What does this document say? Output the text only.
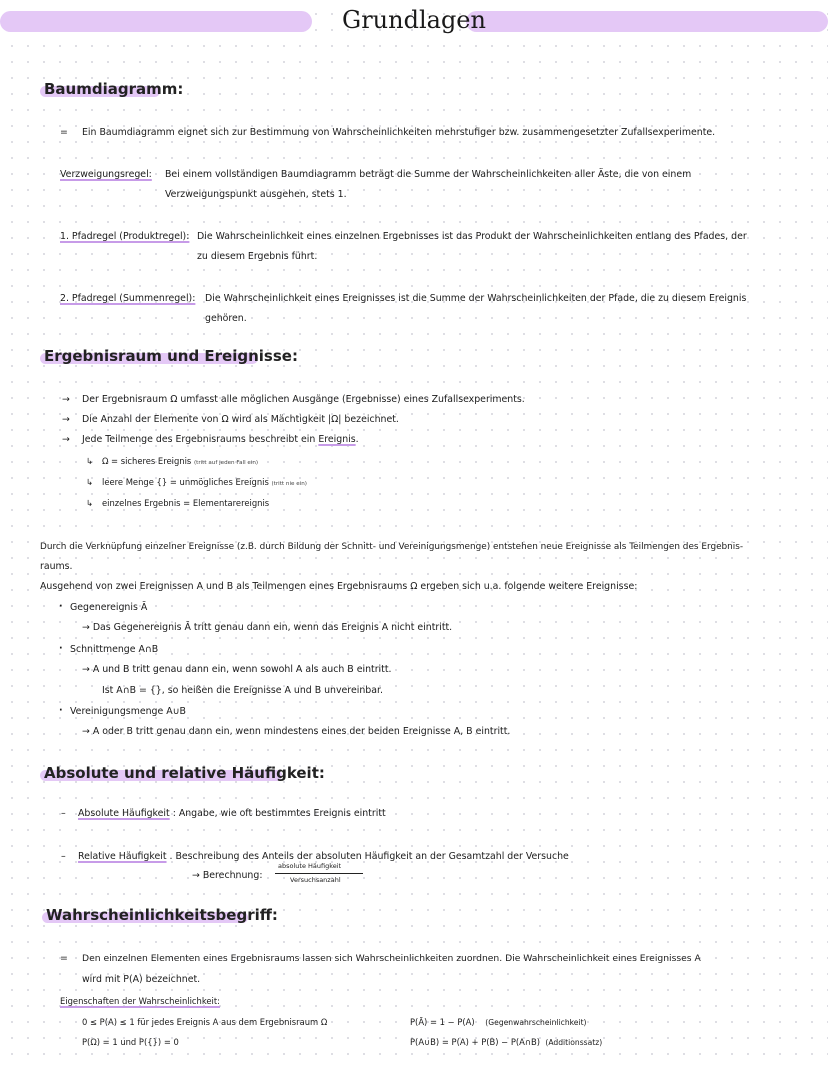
Grundlagen
Baumdiagramm:
= Ein Baumdiagramm eignet sich zur Bestimmung von Wahrscheinlichkeiten mehrstufiger bzw. zusammengesetzter Zufallsexperimente.
Verzweigungsregel: Bei einem vollständigen Baumdiagramm beträgt die Summe der Wahrscheinlichkeiten aller Äste, die von einem
Verzweigungspunkt ausgehen, stets 1.
1. Pfadregel (Produktregel): Die Wahrscheinlichkeit eines einzelnen Ergebnisses ist das Produkt der Wahrscheinlichkeiten entlang des Pfades, der
zu diesem Ergebnis führt.
2. Pfadregel (Summenregel): Die Wahrscheinlichkeit eines Ereignisses ist die Summe der Wahrscheinlichkeiten der Pfade, die zu diesem Ereignis
gehören.
Ergebnisraum und Ereignisse:
→ Der Ergebnisraum Ω umfasst alle möglichen Ausgänge (Ergebnisse) eines Zufallsexperiments.
→ Die Anzahl der Elemente von Ω wird als Mächtigkeit |Ω| bezeichnet.
→ Jede Teilmenge des Ergebnisraums beschreibt ein Ereignis.
↳ Ω = sicheres Ereignis (tritt auf jeden Fall ein)
↳ leere Menge {} = unmögliches Ereignis (tritt nie ein)
↳ einzelnes Ergebnis = Elementarereignis
Durch die Verknüpfung einzelner Ereignisse (z.B. durch Bildung der Schnitt- und Vereinigungsmenge) entstehen neue Ereignisse als Teilmengen des Ergebnis-
raums.
Ausgehend von zwei Ereignissen A und B als Teilmengen eines Ergebnisraums Ω ergeben sich u.a. folgende weitere Ereignisse:
· Gegenereignis Ā
→ Das Gegenereignis Ā tritt genau dann ein, wenn das Ereignis A nicht eintritt.
· Schnittmenge A∩B
→ A und B tritt genau dann ein, wenn sowohl A als auch B eintritt.
Ist A∩B = {}, so heißen die Ereignisse A und B unvereinbar.
· Vereinigungsmenge A∪B
→ A oder B tritt genau dann ein, wenn mindestens eines der beiden Ereignisse A, B eintritt.
Absolute und relative Häufigkeit:
– Absolute Häufigkeit : Angabe, wie oft bestimmtes Ereignis eintritt
– Relative Häufigkeit . Beschreibung des Anteils der absoluten Häufigkeit an der Gesamtzahl der Versuche
→ Berechnung:
absolute Häufigkeit
Versuchsanzahl
Wahrscheinlichkeitsbegriff:
= Den einzelnen Elementen eines Ergebnisraums lassen sich Wahrscheinlichkeiten zuordnen. Die Wahrscheinlichkeit eines Ereignisses A
wird mit P(A) bezeichnet.
Eigenschaften der Wahrscheinlichkeit:
0 ≤ P(A) ≤ 1 für jedes Ereignis A aus dem Ergebnisraum Ω
P(Ω) = 1 und P({}) = 0
P(Ā) = 1 − P(A) (Gegenwahrscheinlichkeit)
P(A∪B) = P(A) + P(B) − P(A∩B) (Additionssatz)
